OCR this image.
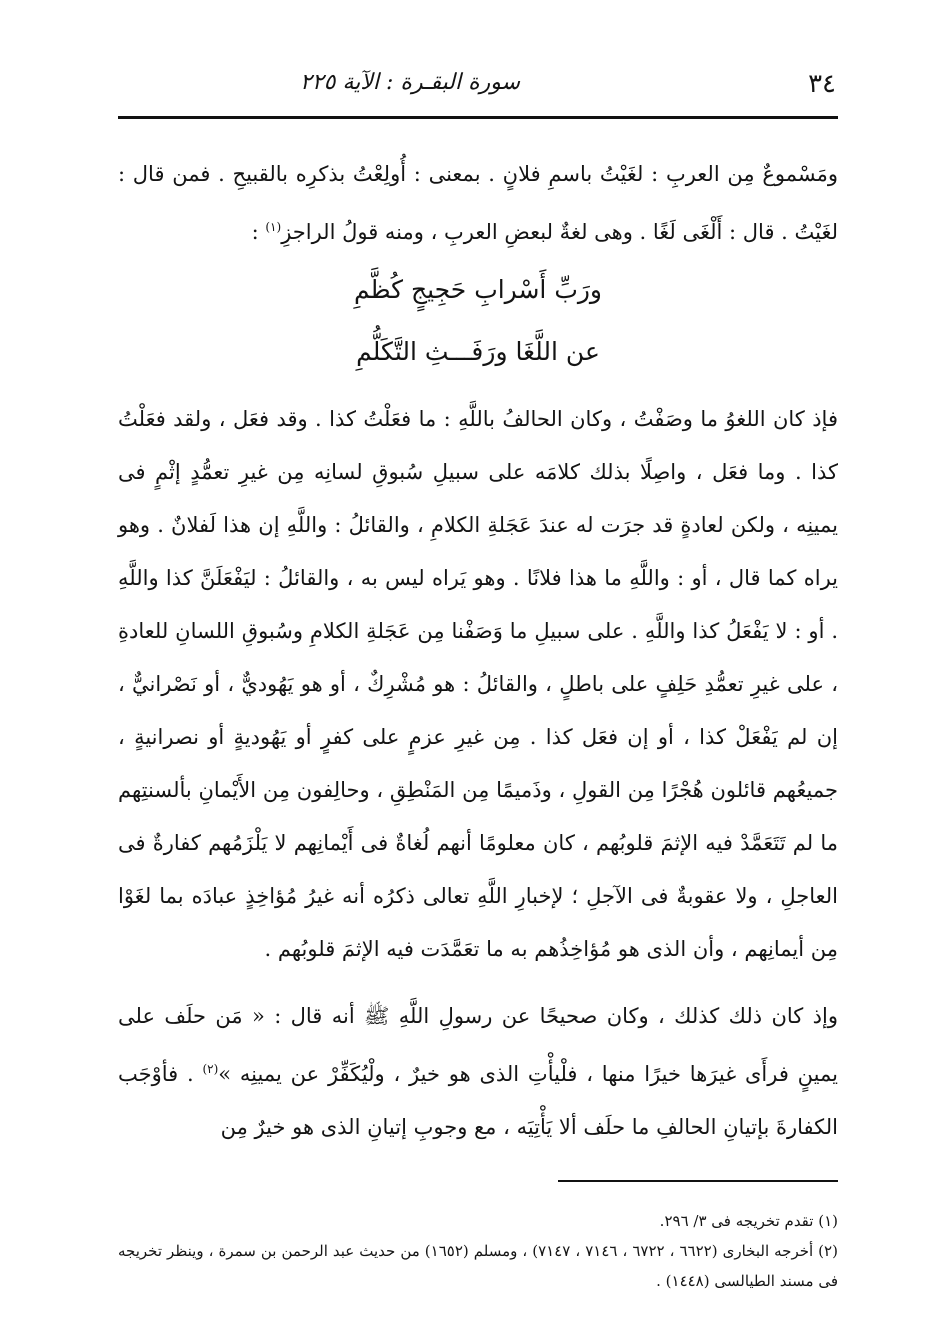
٣٤
سورة البقـرة : الآية ٢٢٥

ومَسْموعٌ مِن العربِ : لغَيْتُ باسمِ فلانٍ . بمعنى : أُولِعْتُ بذكرِه بالقبيحِ . فمن قال : لغَيْتُ . قال : أَلْغَى لَغًا . وهى لغةٌ لبعضِ العربِ ، ومنه قولُ الراجزِ$^{(١)}$ :

ورَبِّ أَسْرابِ حَجِيجٍ كُظَّمِ
عن اللَّغَا ورَفَـــثِ التَّكَلُّمِ

فإذ كان اللغوُ ما وصَفْتُ ، وكان الحالفُ باللَّهِ : ما فعَلْتُ كذا . وقد فعَل ، ولقد فعَلْتُ كذا . وما فعَل ، واصِلًا بذلك كلامَه على سبيلِ سُبوقِ لسانِه مِن غيرِ تعمُّدٍ إثْمٍ فى يمينِه ، ولكن لعادةٍ قد جرَت له عندَ عَجَلةِ الكلامِ ، والقائلُ : واللَّهِ إن هذا لَفلانٌ . وهو يراه كما قال ، أو : واللَّهِ ما هذا فلانًا . وهو يَراه ليس به ، والقائلُ : ليَفْعَلَنَّ كذا واللَّهِ . أو : لا يَفْعَلُ كذا واللَّهِ . على سبيلِ ما وَصَفْنا مِن عَجَلةِ الكلامِ وسُبوقِ اللسانِ للعادةِ ، على غيرِ تعمُّدِ حَلِفٍ على باطلٍ ، والقائلُ : هو مُشْرِكٌ ، أو هو يَهُوديٌّ ، أو نَصْرانيٌّ ، إن لم يَفْعَلْ كذا ، أو إن فعَل كذا . مِن غيرِ عزمٍ على كفرٍ أو يَهُوديةٍ أو نصرانيةٍ ، جميعُهم قائلون هُجْرًا مِن القولِ ، وذَميمًا مِن المَنْطِقِ ، وحالِفون مِن الأَيْمانِ بألسنتِهم ما لم تَتَعَمَّدْ فيه الإثمَ قلوبُهم ، كان معلومًا أنهم لُغاةٌ فى أَيْمانِهم لا يَلْزَمُهم كفارةٌ فى العاجلِ ، ولا عقوبةٌ فى الآجلِ ؛ لإخبارِ اللَّهِ تعالى ذكرُه أنه غيرُ مُؤاخِذٍ عبادَه بما لغَوْا مِن أيمانِهم ، وأن الذى هو مُؤاخِذُهم به ما تعَمَّدَت فيه الإثمَ قلوبُهم .

وإذ كان ذلك كذلك ، وكان صحيحًا عن رسولِ اللَّهِ ﷺ أنه قال : « مَن حلَف على يمينٍ فرأَى غيرَها خيرًا منها ، فلْيأْتِ الذى هو خيرٌ ، ولْيُكَفِّرْ عن يمينِه »$^{(٢)}$ . فأوْجَب الكفارةَ بإتيانِ الحالفِ ما حلَف ألا يَأْتِيَه ، مع وجوبِ إتيانِ الذى هو خيرٌ مِن

(١) تقدم تخريجه فى ٣/ ٢٩٦.

(٢) أخرجه البخارى (٦٦٢٢ ، ٦٧٢٢ ، ٧١٤٦ ، ٧١٤٧) ، ومسلم (١٦٥٢) من حديث عبد الرحمن بن سمرة ، وينظر تخريجه فى مسند الطيالسى (١٤٤٨) .
